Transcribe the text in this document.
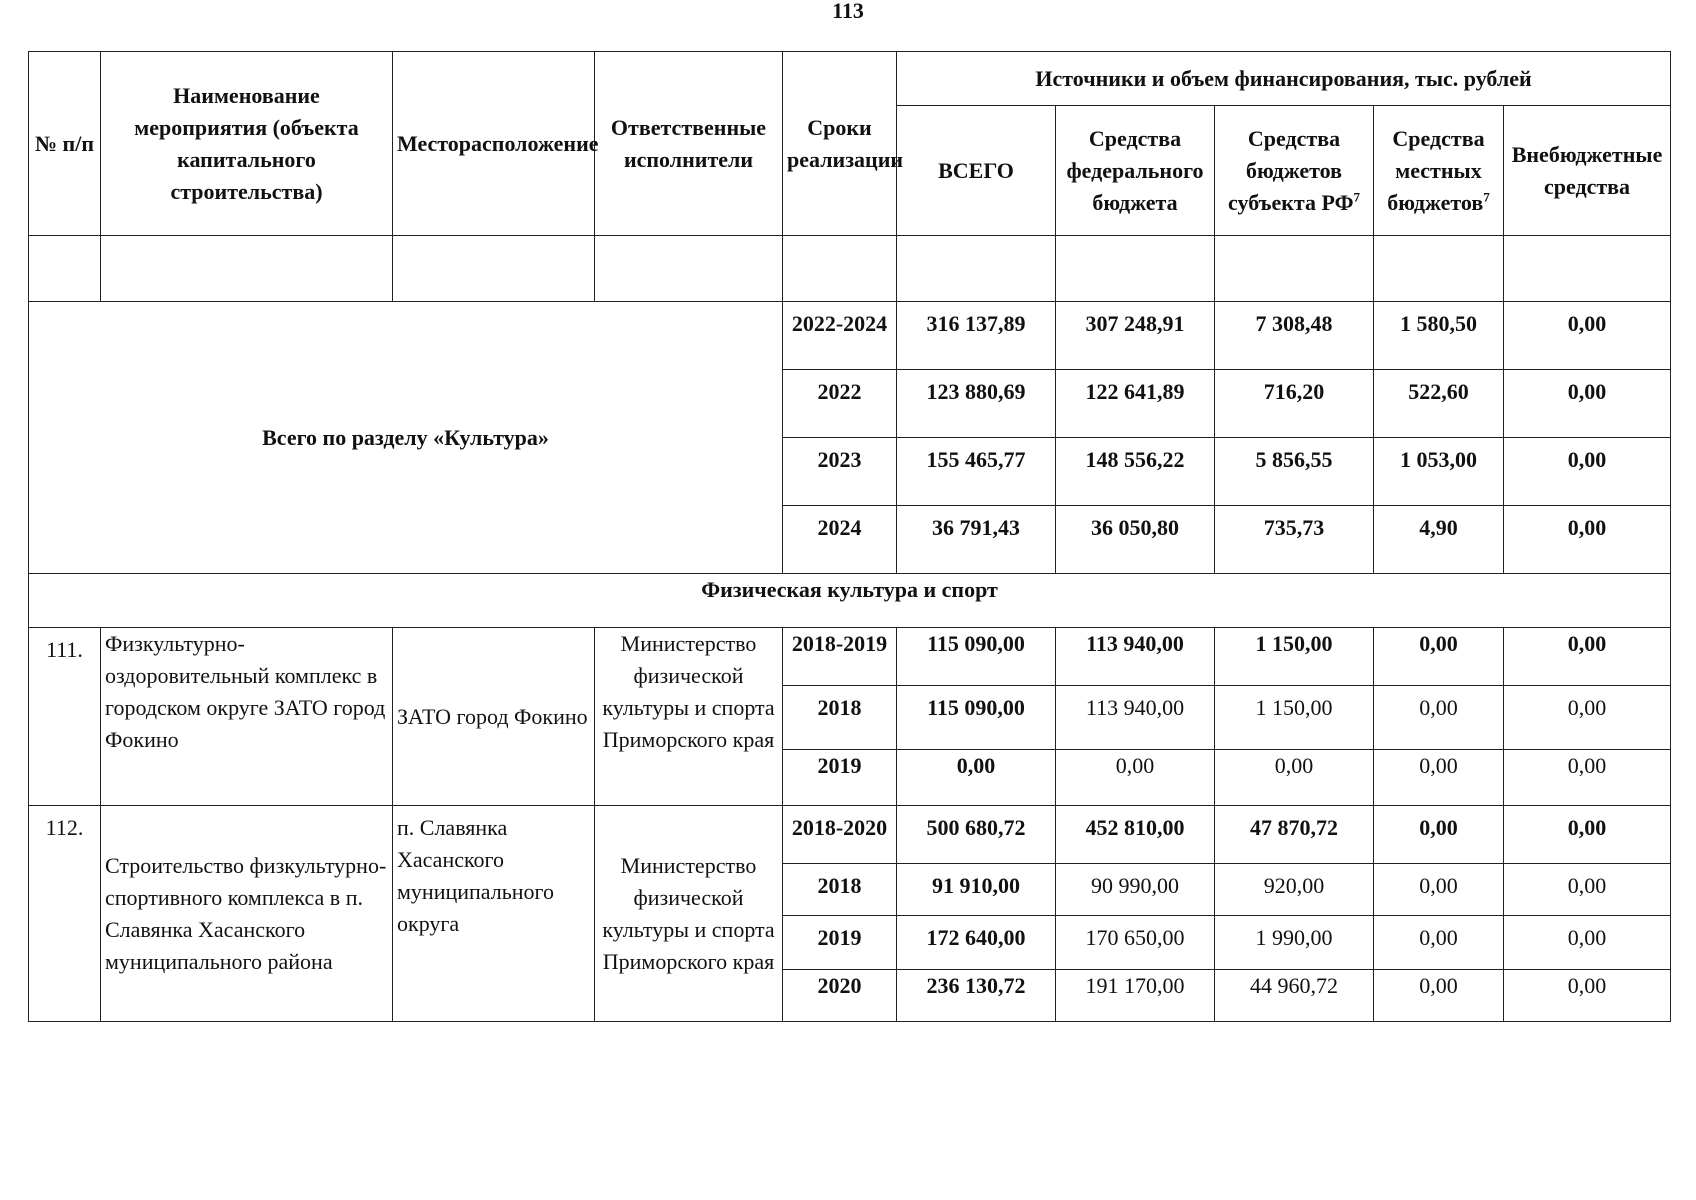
113
№ п/п	Наименование мероприятия (объекта капитального строительства)	Месторасположение	Ответственные исполнители	Сроки реализации	Источники и объем финансирования, тыс. рублей				
					ВСЕГО	Средства федерального бюджета	Средства бюджетов субъекта $РФ^7$	Средства местных бюджетов$^7$	Внебюджетные средства

Всего по разделу «Культура»				2022-2024	316 137,89	307 248,91	7 308,48	1 580,50	0,00
				2022	123 880,69	122 641,89	716,20	522,60	0,00
				2023	155 465,77	148 556,22	5 856,55	1 053,00	0,00
				2024	36 791,43	36 050,80	735,73	4,90	0,00
Физическая культура и спорт									
111.	Физкультурно-оздоровительный комплекс в городском округе ЗАТО город Фокино	ЗАТО город Фокино	Министерство физической культуры и спорта Приморского края	2018-2019	115 090,00	113 940,00	1 150,00	0,00	0,00
				2018	115 090,00	113 940,00	1 150,00	0,00	0,00
				2019	0,00	0,00	0,00	0,00	0,00
112.	Строительство физкультурно-спортивного комплекса в п. Славянка Хасанского муниципального района	п. Славянка Хасанского муниципального округа	Министерство физической культуры и спорта Приморского края	2018-2020	500 680,72	452 810,00	47 870,72	0,00	0,00
				2018	91 910,00	90 990,00	920,00	0,00	0,00
				2019	172 640,00	170 650,00	1 990,00	0,00	0,00
				2020	236 130,72	191 170,00	44 960,72	0,00	0,00
